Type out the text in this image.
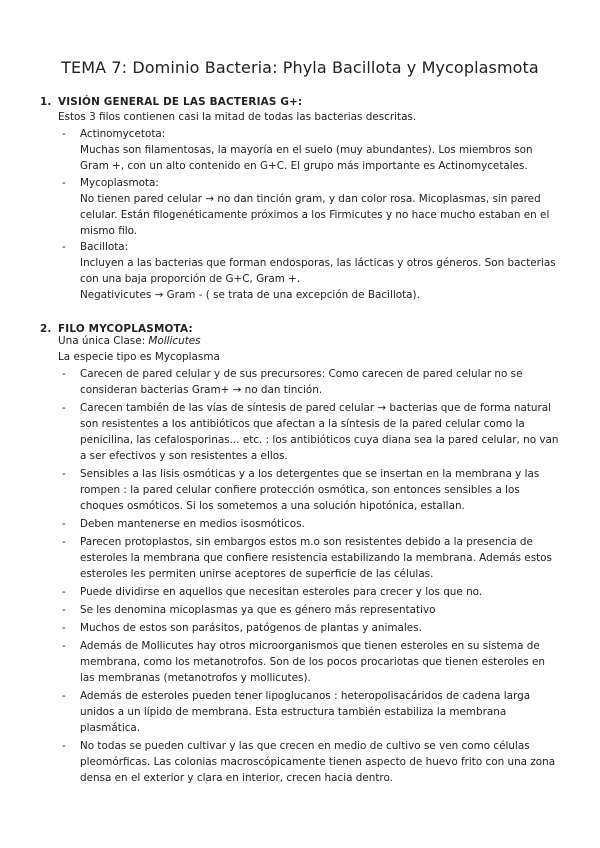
TEMA 7: Dominio Bacteria: Phyla Bacillota y Mycoplasmota
1. VISIÓN GENERAL DE LAS BACTERIAS G+:
Estos 3 filos contienen casi la mitad de todas las bacterias descritas.
- Actinomycetota:
Muchas son filamentosas, la mayoría en el suelo (muy abundantes). Los miembros son
Gram +, con un alto contenido en G+C. El grupo más importante es Actinomycetales.
- Mycoplasmota:
No tienen pared celular → no dan tinción gram, y dan color rosa. Micoplasmas, sin pared
celular. Están filogenéticamente próximos a los Firmicutes y no hace mucho estaban en el
mismo filo.
- Bacillota:
Incluyen a las bacterias que forman endosporas, las lácticas y otros géneros. Son bacterias
con una baja proporción de G+C, Gram +.
Negativicutes → Gram - ( se trata de una excepción de Bacillota).
2. FILO MYCOPLASMOTA:
Una única Clase: Mollicutes
La especie tipo es Mycoplasma
- Carecen de pared celular y de sus precursores: Como carecen de pared celular no se
consideran bacterias Gram+ → no dan tinción.
- Carecen también de las vías de síntesis de pared celular → bacterias que de forma natural
son resistentes a los antibióticos que afectan a la síntesis de la pared celular como la
penicilina, las cefalosporinas... etc. : los antibióticos cuya diana sea la pared celular, no van
a ser efectivos y son resistentes a ellos.
- Sensibles a las lisis osmóticas y a los detergentes que se insertan en la membrana y las
rompen : la pared celular confiere protección osmótica, son entonces sensibles a los
choques osmóticos. Si los sometemos a una solución hipotónica, estallan.
- Deben mantenerse en medios isosmóticos.
- Parecen protoplastos, sin embargos estos m.o son resistentes debido a la presencia de
esteroles la membrana que confiere resistencia estabilizando la membrana. Además estos
esteroles les permiten unirse aceptores de superficie de las células.
- Puede dividirse en aquellos que necesitan esteroles para crecer y los que no.
- Se les denomina micoplasmas ya que es género más representativo
- Muchos de estos son parásitos, patógenos de plantas y animales.
- Además de Mollicutes hay otros microorganismos que tienen esteroles en su sistema de
membrana, como los metanotrofos. Son de los pocos procariotas que tienen esteroles en
las membranas (metanotrofos y mollicutes).
- Además de esteroles pueden tener lipoglucanos : heteropolisacáridos de cadena larga
unidos a un lípido de membrana. Esta estructura también estabiliza la membrana
plasmática.
- No todas se pueden cultivar y las que crecen en medio de cultivo se ven como células
pleomórficas. Las colonias macroscópicamente tienen aspecto de huevo frito con una zona
densa en el exterior y clara en interior, crecen hacia dentro.
